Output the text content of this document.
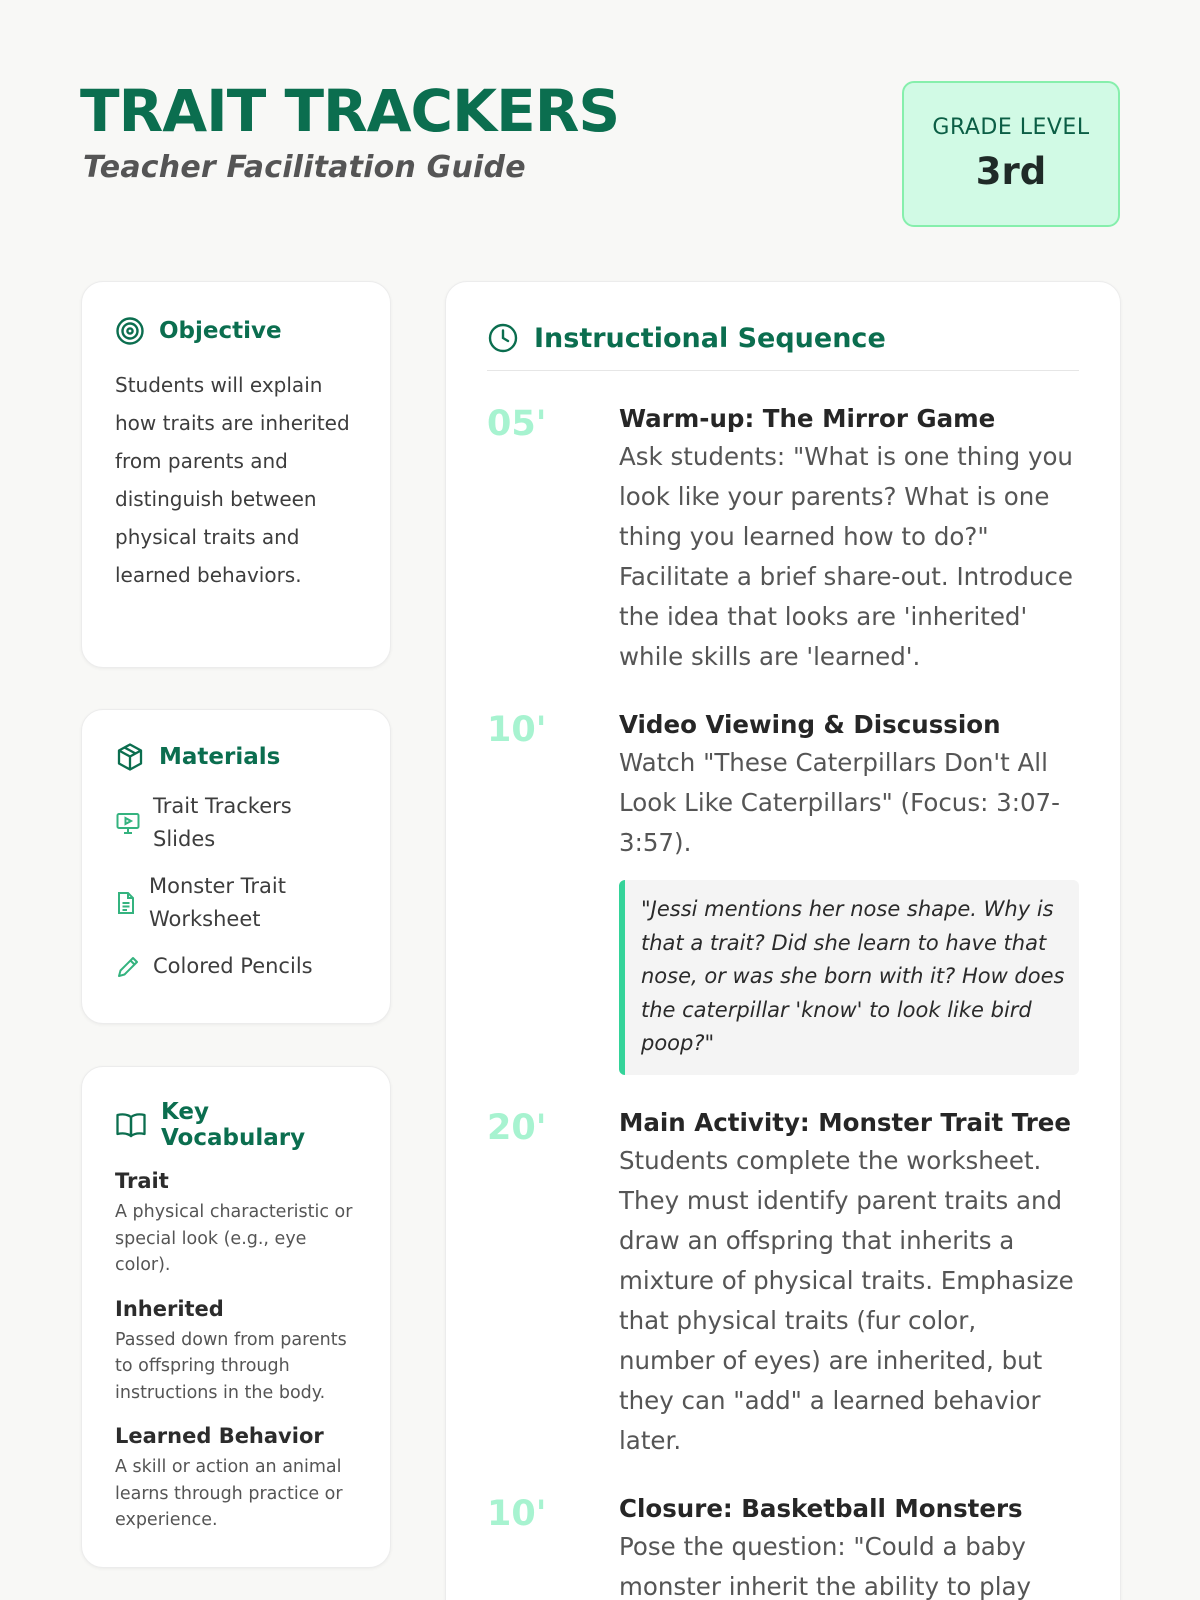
TRAIT TRACKERS
Teacher Facilitation Guide
GRADE LEVEL
3rd
Objective

Students will explain how traits are inherited from parents and distinguish between physical traits and learned behaviors.

Materials
Trait Trackers Slides
Monster Trait Worksheet
Colored Pencils
Key Vocabulary
Trait
A physical characteristic or special look (e.g., eye color).
Inherited
Passed down from parents to offspring through instructions in the body.
Learned Behavior
A skill or action an animal learns through practice or experience.
Instructional Sequence
05'	Warm-up: The Mirror Game
Ask students: "What is one thing you look like your parents? What is one thing you learned how to do?" Facilitate a brief share-out. Introduce the idea that looks are 'inherited' while skills are 'learned'.
10'	Video Viewing & Discussion
Watch "These Caterpillars Don't All Look Like Caterpillars" (Focus: 3:07-3:57).
"Jessi mentions her nose shape. Why is that a trait? Did she learn to have that nose, or was she born with it? How does the caterpillar 'know' to look like bird poop?"
20'	Main Activity: Monster Trait Tree
Students complete the worksheet. They must identify parent traits and draw an offspring that inherits a mixture of physical traits. Emphasize that physical traits (fur color, number of eyes) are inherited, but they can "add" a learned behavior later.
10'	Closure: Basketball Monsters
Pose the question: "Could a baby monster inherit the ability to play
